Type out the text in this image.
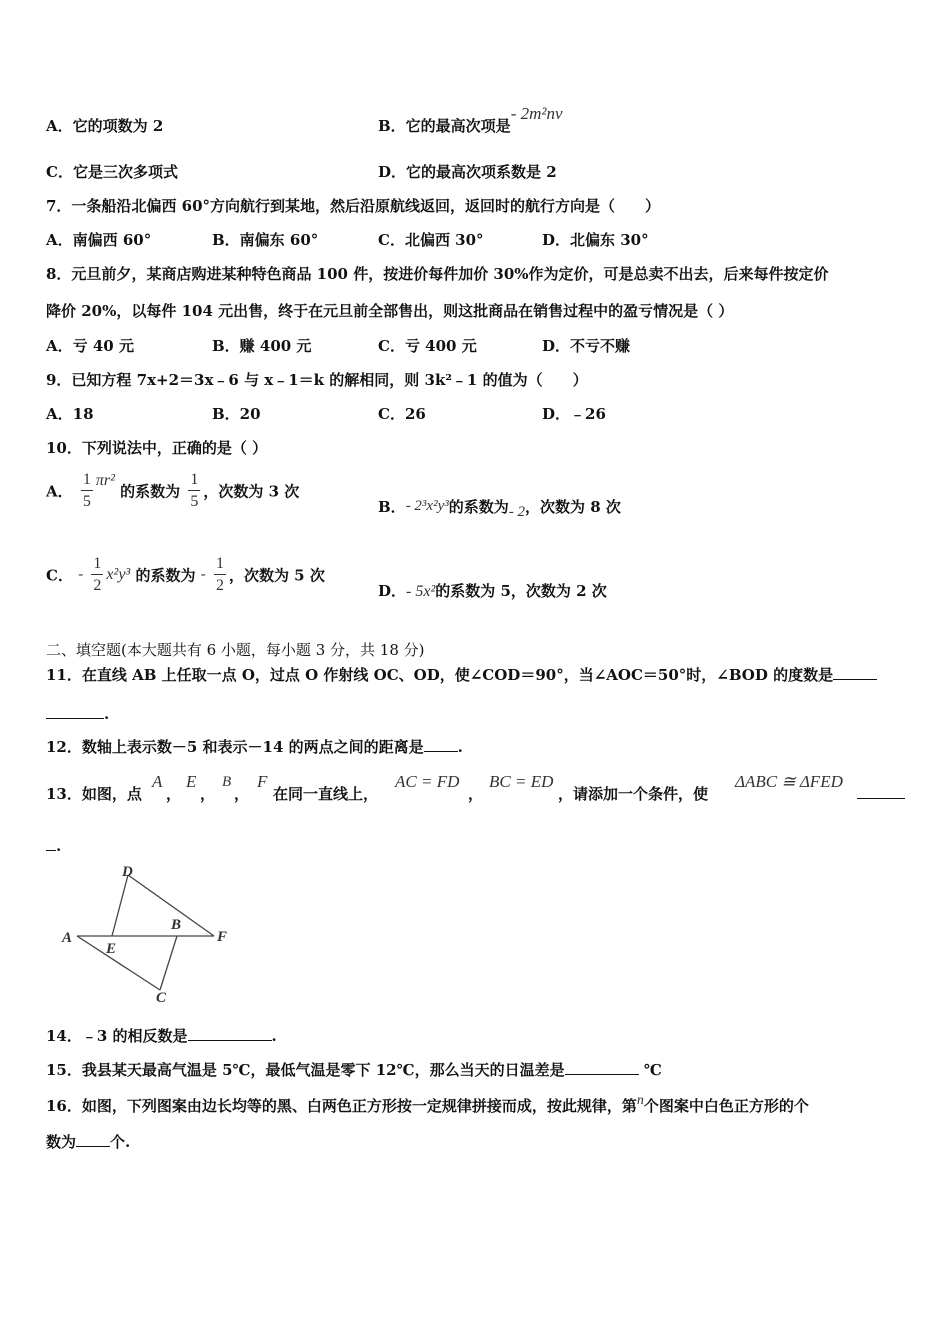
A．它的项数为 2	B．它的最高次项是- 2m²nv
C．它是三次多项式	D．它的最高次项系数是 2
7．一条船沿北偏西 60°方向航行到某地，然后沿原航线返回，返回时的航行方向是（　　）
A．南偏西 60°	B．南偏东 60°	C．北偏西 30°	D．北偏东 30°
8．元旦前夕，某商店购进某种特色商品 100 件，按进价每件加价 30%作为定价，可是总卖不出去，后来每件按定价
降价 20%，以每件 104 元出售，终于在元旦前全部售出，则这批商品在销售过程中的盈亏情况是（ ）
A．亏 40 元	B．赚 400 元	C．亏 400 元	D．不亏不赚
9．已知方程 7x+2＝3x﹣6 与 x﹣1＝k 的解相同，则 3k²﹣1 的值为（　　）
A．18	B．20	C．26	D．﹣26
10．下列说法中，正确的是（ ）
A． $\frac{1}{5} \pi r^2$ 的系数为 $\frac{1}{5}$ ，次数为 3 次
B．- 2³x²y³的系数为- 2，次数为 8 次
C． - $\frac{1}{2} x^2y^3$ 的系数为 - $\frac{1}{2}$ ，次数为 5 次
D．- 5x²的系数为 5，次数为 2 次
二、填空题(本大题共有 6 小题，每小题 3 分，共 18 分)
11．在直线 AB 上任取一点 O，过点 O 作射线 OC、OD，使∠COD＝90°，当∠AOC＝50°时，∠BOD 的度数是
.
12．数轴上表示数－5 和表示－14 的两点之间的距离是 .
13．如图，点
A
，
E
，
B
，
F
在同一直线上，
AC = FD
，
BC = ED
，请添加一个条件，使
ΔABC ≅ ΔFED
.
D
A
E
B
F
C
14．﹣3 的相反数是	.
15．我县某天最高气温是 5℃，最低气温是零下 12℃，那么当天的日温差是	℃
16．如图，下列图案由边长均等的黑、白两色正方形按一定规律拼接而成，按此规律，第n个图案中白色正方形的个
数为 个.
